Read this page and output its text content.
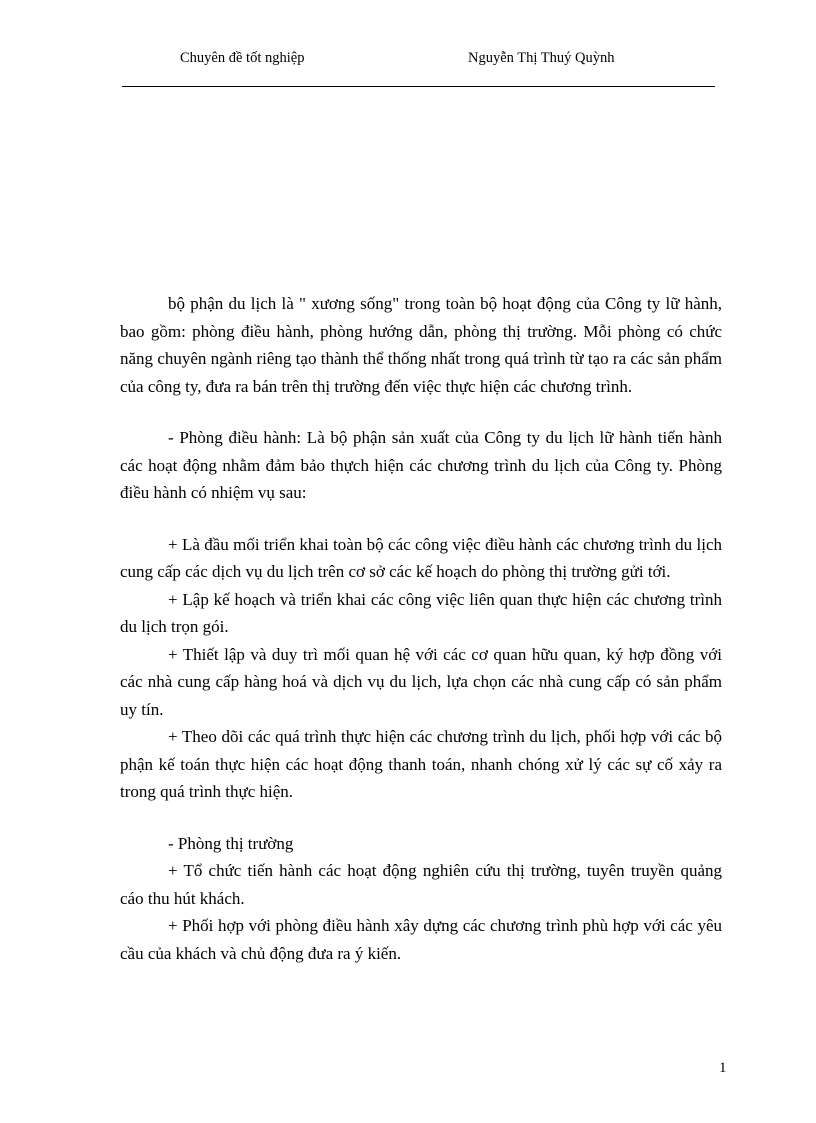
Chuyên đề tốt nghiệp	Nguyễn Thị Thuý Quỳnh

bộ phận du lịch là " xương sống" trong toàn bộ hoạt động của Công ty lữ hành, bao gồm: phòng điều hành, phòng hướng dẫn, phòng thị trường. Mỗi phòng có chức năng chuyên ngành riêng tạo thành thể thống nhất trong quá trình từ tạo ra các sản phẩm của công ty, đưa ra bán trên thị trường đến việc thực hiện các chương trình.

- Phòng điều hành: Là bộ phận sản xuất của Công ty du lịch lữ hành tiến hành các hoạt động nhằm đảm bảo thựch hiện các chương trình du lịch của Công ty. Phòng điều hành có nhiệm vụ sau:

+ Là đầu mối triển khai toàn bộ các công việc điều hành các chương trình du lịch cung cấp các dịch vụ du lịch trên cơ sở các kế hoạch do phòng thị trường gửi tới.

+ Lập kế hoạch và triển khai các công việc liên quan thực hiện các chương trình du lịch trọn gói.

+ Thiết lập và duy trì mối quan hệ với các cơ quan hữu quan, ký hợp đồng với các nhà cung cấp hàng hoá và dịch vụ du lịch, lựa chọn các nhà cung cấp có sản phẩm uy tín.

+ Theo dõi các quá trình thực hiện các chương trình du lịch, phối hợp với các bộ phận kế toán thực hiện các hoạt động thanh toán, nhanh chóng xử lý các sự cố xảy ra trong quá trình thực hiện.

- Phòng thị trường

+ Tổ chức tiến hành các hoạt động nghiên cứu thị trường, tuyên truyền quảng cáo thu hút khách.

+ Phối hợp với phòng điều hành xây dựng các chương trình phù hợp với các yêu cầu của khách và chủ động đưa ra ý kiến.

1
